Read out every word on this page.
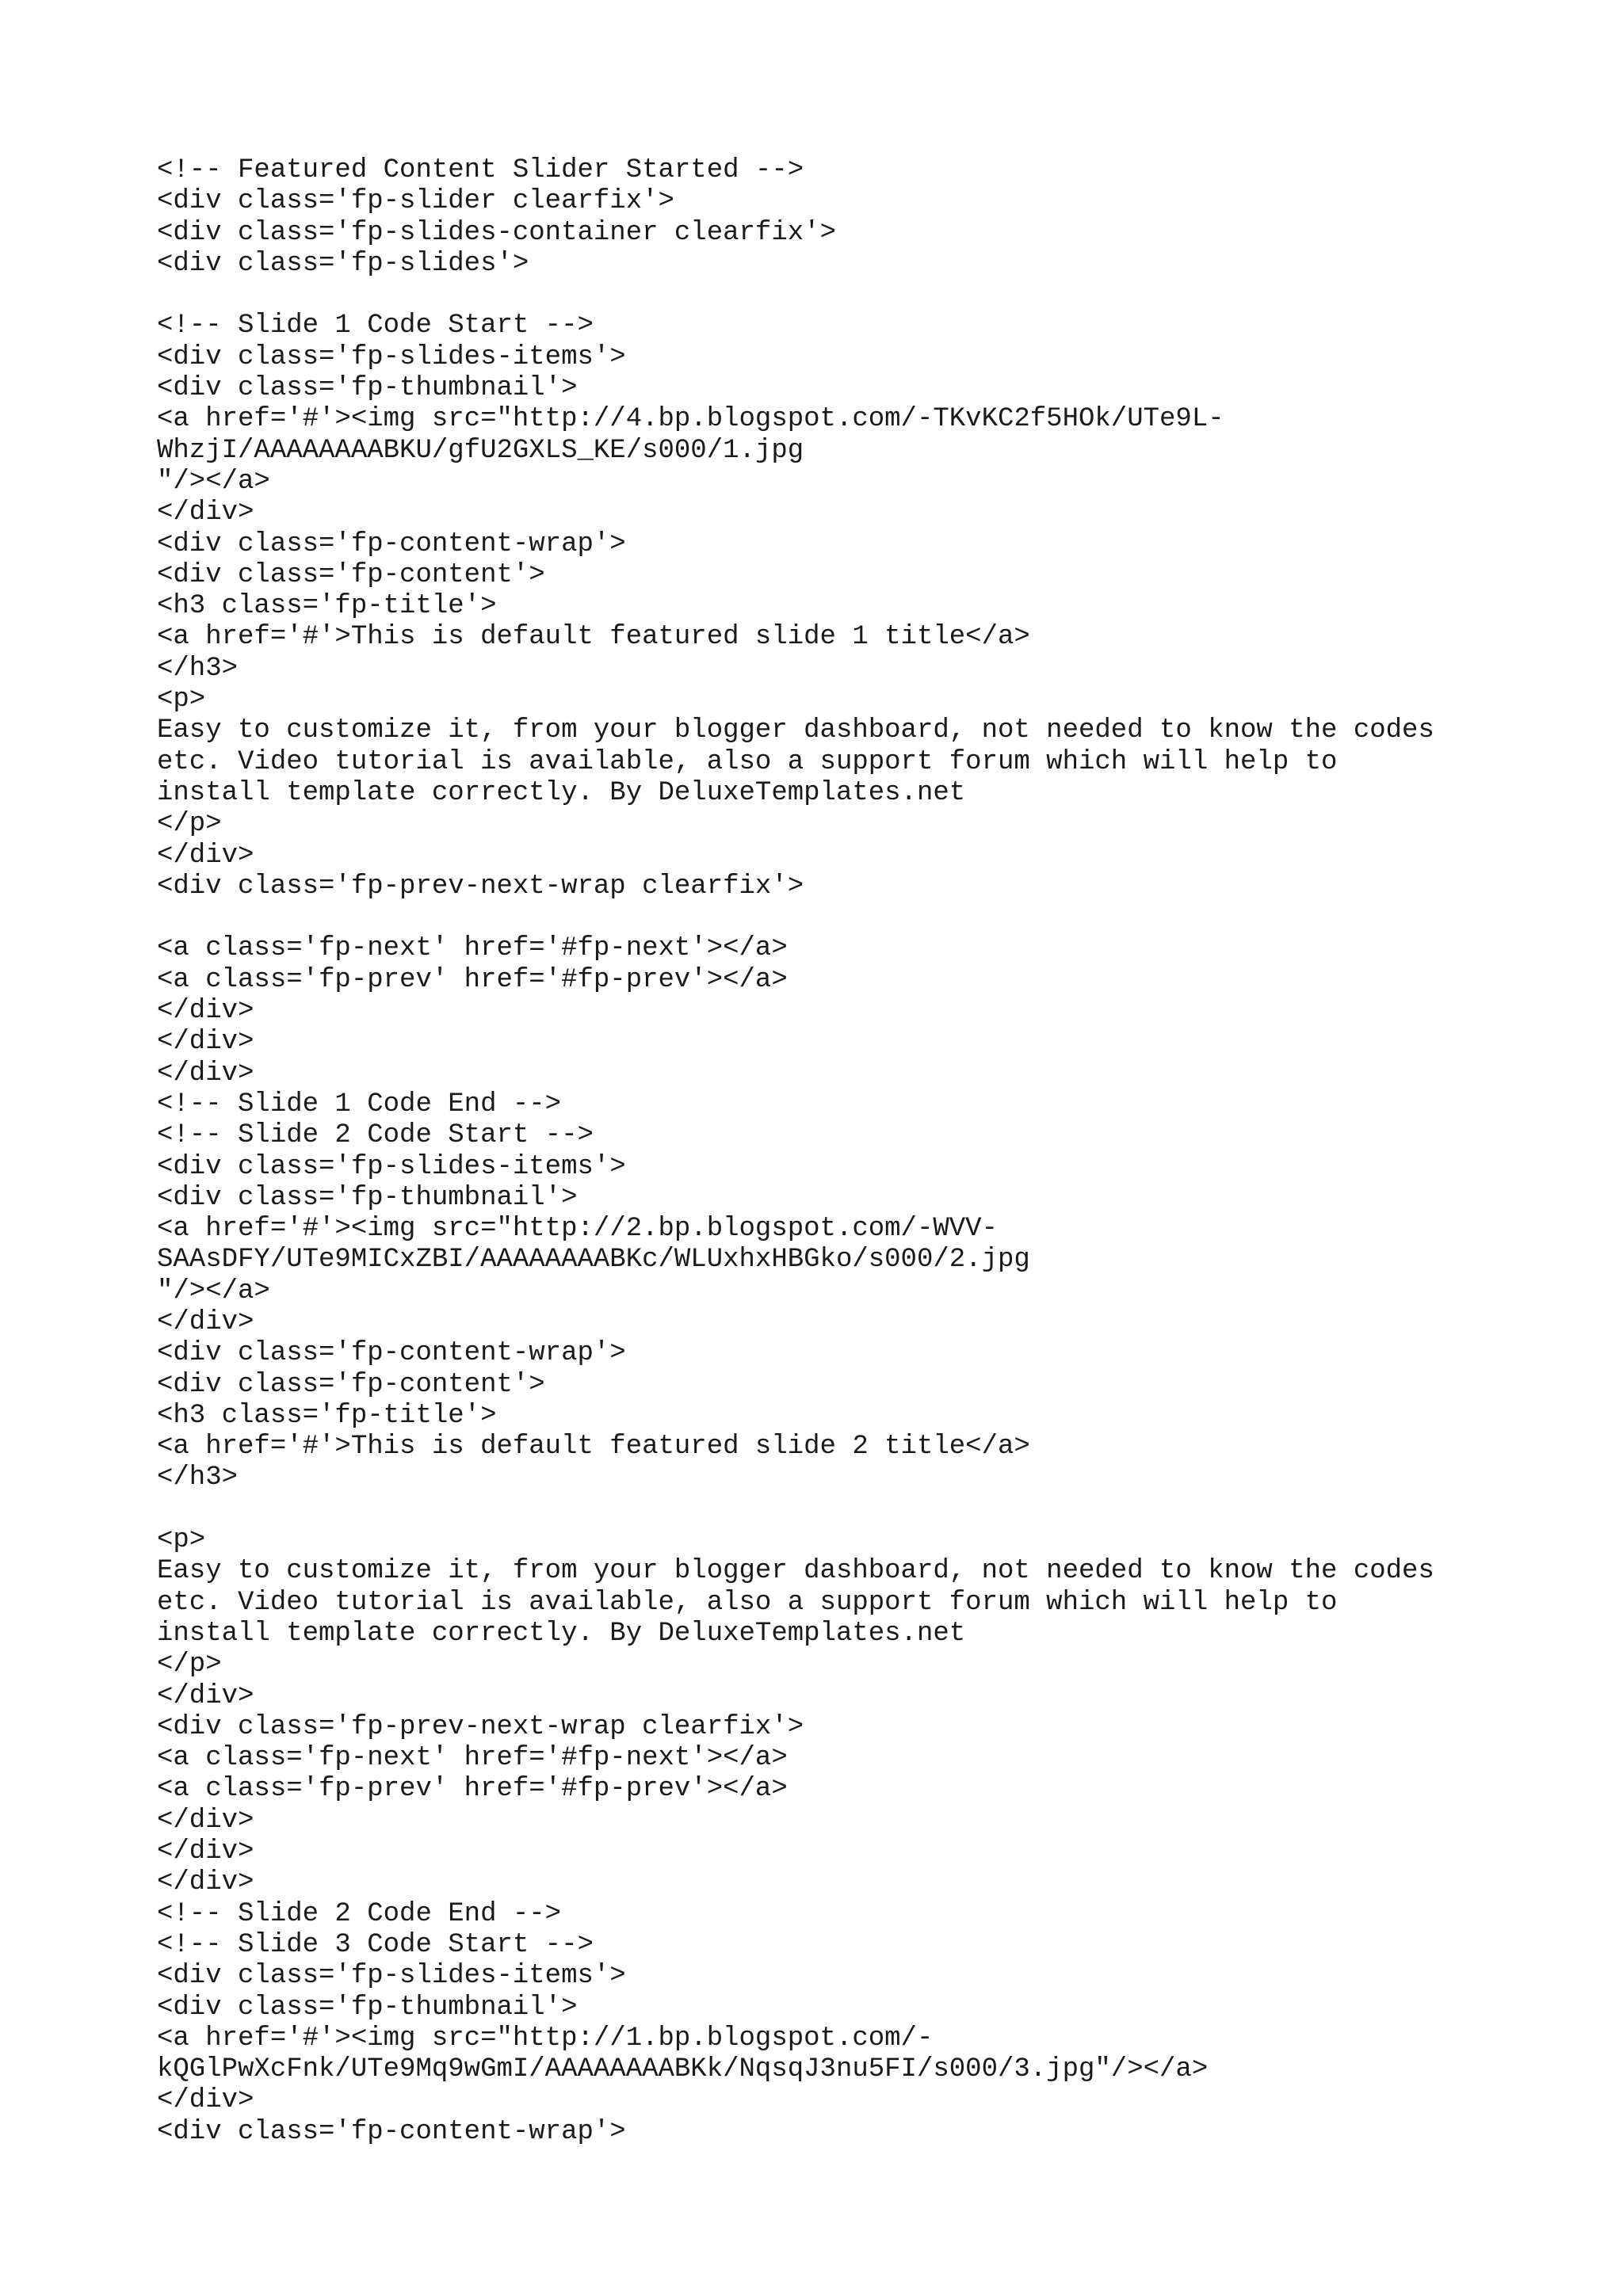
<!-- Featured Content Slider Started -->
<div class='fp-slider clearfix'>
<div class='fp-slides-container clearfix'>
<div class='fp-slides'>
<!-- Slide 1 Code Start -->
<div class='fp-slides-items'>
<div class='fp-thumbnail'>
<a href='#'><img src="http://4.bp.blogspot.com/-TKvKC2f5HOk/UTe9L-
WhzjI/AAAAAAAABKU/gfU2GXLS_KE/s000/1.jpg
"/></a>
</div>
<div class='fp-content-wrap'>
<div class='fp-content'>
<h3 class='fp-title'>
<a href='#'>This is default featured slide 1 title</a>
</h3>
<p>
Easy to customize it, from your blogger dashboard, not needed to know the codes
etc. Video tutorial is available, also a support forum which will help to
install template correctly. By DeluxeTemplates.net
</p>
</div>
<div class='fp-prev-next-wrap clearfix'>
<a class='fp-next' href='#fp-next'></a>
<a class='fp-prev' href='#fp-prev'></a>
</div>
</div>
</div>
<!-- Slide 1 Code End -->
<!-- Slide 2 Code Start -->
<div class='fp-slides-items'>
<div class='fp-thumbnail'>
<a href='#'><img src="http://2.bp.blogspot.com/-WVV-
SAAsDFY/UTe9MICxZBI/AAAAAAAABKc/WLUxhxHBGko/s000/2.jpg
"/></a>
</div>
<div class='fp-content-wrap'>
<div class='fp-content'>
<h3 class='fp-title'>
<a href='#'>This is default featured slide 2 title</a>
</h3>
<p>
Easy to customize it, from your blogger dashboard, not needed to know the codes
etc. Video tutorial is available, also a support forum which will help to
install template correctly. By DeluxeTemplates.net
</p>
</div>
<div class='fp-prev-next-wrap clearfix'>
<a class='fp-next' href='#fp-next'></a>
<a class='fp-prev' href='#fp-prev'></a>
</div>
</div>
</div>
<!-- Slide 2 Code End -->
<!-- Slide 3 Code Start -->
<div class='fp-slides-items'>
<div class='fp-thumbnail'>
<a href='#'><img src="http://1.bp.blogspot.com/-
kQGlPwXcFnk/UTe9Mq9wGmI/AAAAAAAABKk/NqsqJ3nu5FI/s000/3.jpg"/></a>
</div>
<div class='fp-content-wrap'>
